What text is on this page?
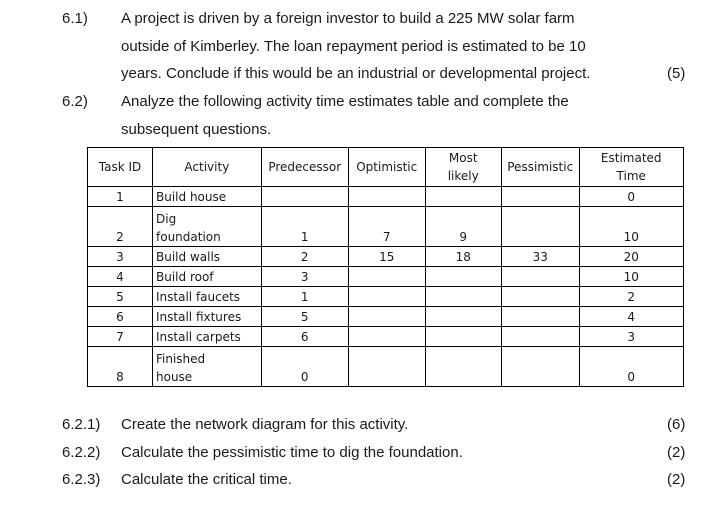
6.1) A project is driven by a foreign investor to build a 225 MW solar farm
outside of Kimberley. The loan repayment period is estimated to be 10
years. Conclude if this would be an industrial or developmental project.	(5)
6.2) Analyze the following activity time estimates table and complete the
subsequent questions.
Task ID	Activity	Predecessor	Optimistic	Most likely	Pessimistic	Estimated Time
1	Build house					0
2	Dig foundation	1	7	9		10
3	Build walls	2	15	18	33	20
4	Build roof	3				10
5	Install faucets	1				2
6	Install fixtures	5				4
7	Install carpets	6				3
8	Finished house	0				0
6.2.1) Create the network diagram for this activity.	(6)
6.2.2) Calculate the pessimistic time to dig the foundation.	(2)
6.2.3) Calculate the critical time.	(2)
